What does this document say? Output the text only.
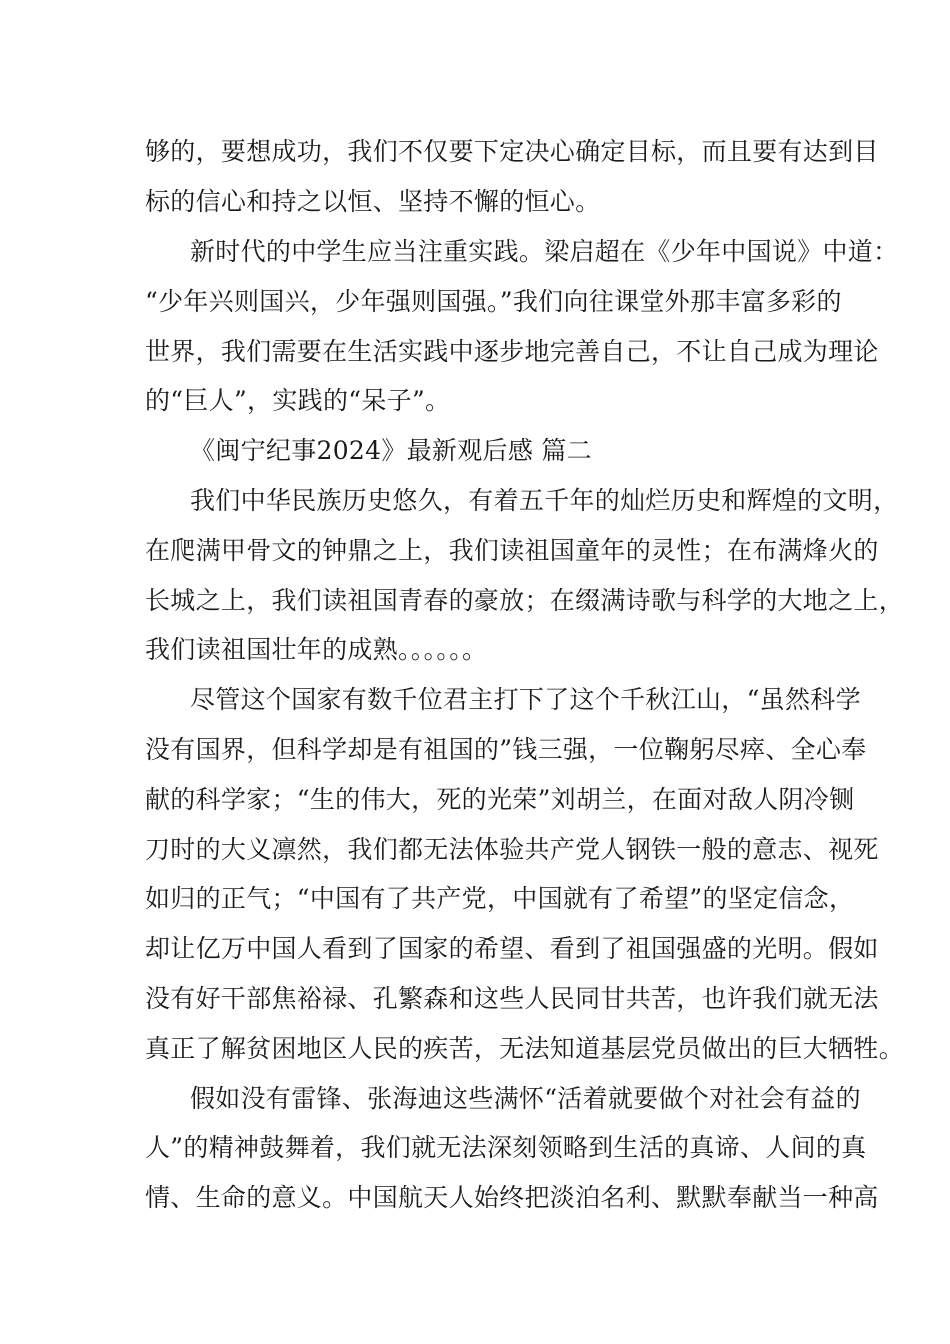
够的，要想成功，我们不仅要下定决心确定目标，而且要有达到目
标的信心和持之以恒、坚持不懈的恒心。
新时代的中学生应当注重实践。梁启超在《少年中国说》中道：
“少年兴则国兴，少年强则国强。”我们向往课堂外那丰富多彩的
世界，我们需要在生活实践中逐步地完善自己，不让自己成为理论
的“巨人”，实践的“呆子”。
《闽宁纪事2024》最新观后感 篇二
我们中华民族历史悠久，有着五千年的灿烂历史和辉煌的文明，
在爬满甲骨文的钟鼎之上，我们读祖国童年的灵性；在布满烽火的
长城之上，我们读祖国青春的豪放；在缀满诗歌与科学的大地之上，
我们读祖国壮年的成熟。。。。。。
尽管这个国家有数千位君主打下了这个千秋江山，“虽然科学
没有国界，但科学却是有祖国的”钱三强，一位鞠躬尽瘁、全心奉
献的科学家；“生的伟大，死的光荣”刘胡兰，在面对敌人阴冷铡
刀时的大义凛然，我们都无法体验共产党人钢铁一般的意志、视死
如归的正气；“中国有了共产党，中国就有了希望”的坚定信念，
却让亿万中国人看到了国家的希望、看到了祖国强盛的光明。假如
没有好干部焦裕禄、孔繁森和这些人民同甘共苦，也许我们就无法
真正了解贫困地区人民的疾苦，无法知道基层党员做出的巨大牺牲。
假如没有雷锋、张海迪这些满怀“活着就要做个对社会有益的
人”的精神鼓舞着，我们就无法深刻领略到生活的真谛、人间的真
情、生命的意义。中国航天人始终把淡泊名利、默默奉献当一种高
